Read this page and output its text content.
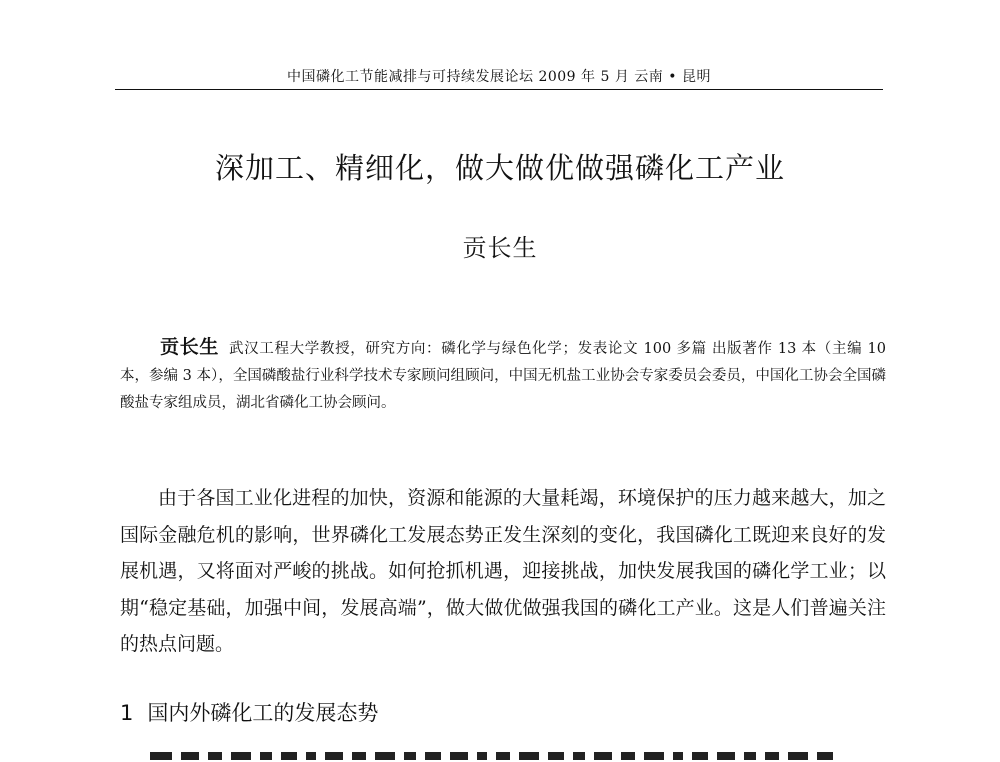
中国磷化工节能减排与可持续发展论坛 2009 年 5 月 云南 • 昆明
深加工、精细化，做大做优做强磷化工产业
贡长生

贡长生 武汉工程大学教授，研究方向：磷化学与绿色化学；发表论文 100 多篇 出版著作 13 本（主编 10 本，参编 3 本），全国磷酸盐行业科学技术专家顾问组顾问，中国无机盐工业协会专家委员会委员，中国化工协会全国磷酸盐专家组成员，湖北省磷化工协会顾问。

由于各国工业化进程的加快，资源和能源的大量耗竭，环境保护的压力越来越大，加之国际金融危机的影响，世界磷化工发展态势正发生深刻的变化，我国磷化工既迎来良好的发展机遇，又将面对严峻的挑战。如何抢抓机遇，迎接挑战，加快发展我国的磷化学工业；以期“稳定基础，加强中间，发展高端”，做大做优做强我国的磷化工产业。这是人们普遍关注的热点问题。

1 国内外磷化工的发展态势
